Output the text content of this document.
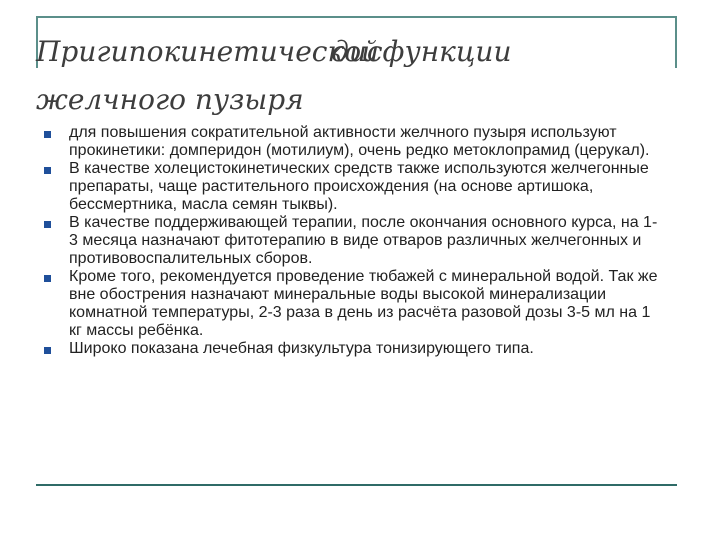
Пригипокинетическойдисфункции
желчного пузыря
для повышения сократительной активности желчного пузыря используют прокинетики: домперидон (мотилиум), очень редко метоклопрамид (церукал).
В качестве холецистокинетических средств также используются желчегонные препараты, чаще растительного происхождения (на основе артишока, бессмертника, масла семян тыквы).
В качестве поддерживающей терапии, после окончания основного курса, на 1-3 месяца назначают фитотерапию в виде отваров различных желчегонных и противовоспалительных сборов.
Кроме того, рекомендуется проведение тюбажей с минеральной водой. Так же вне обострения назначают минеральные воды высокой минерализации комнатной температуры, 2-3 раза в день из расчёта разовой дозы 3-5 мл на 1 кг массы ребёнка.
Широко показана лечебная физкультура тонизирующего типа.
